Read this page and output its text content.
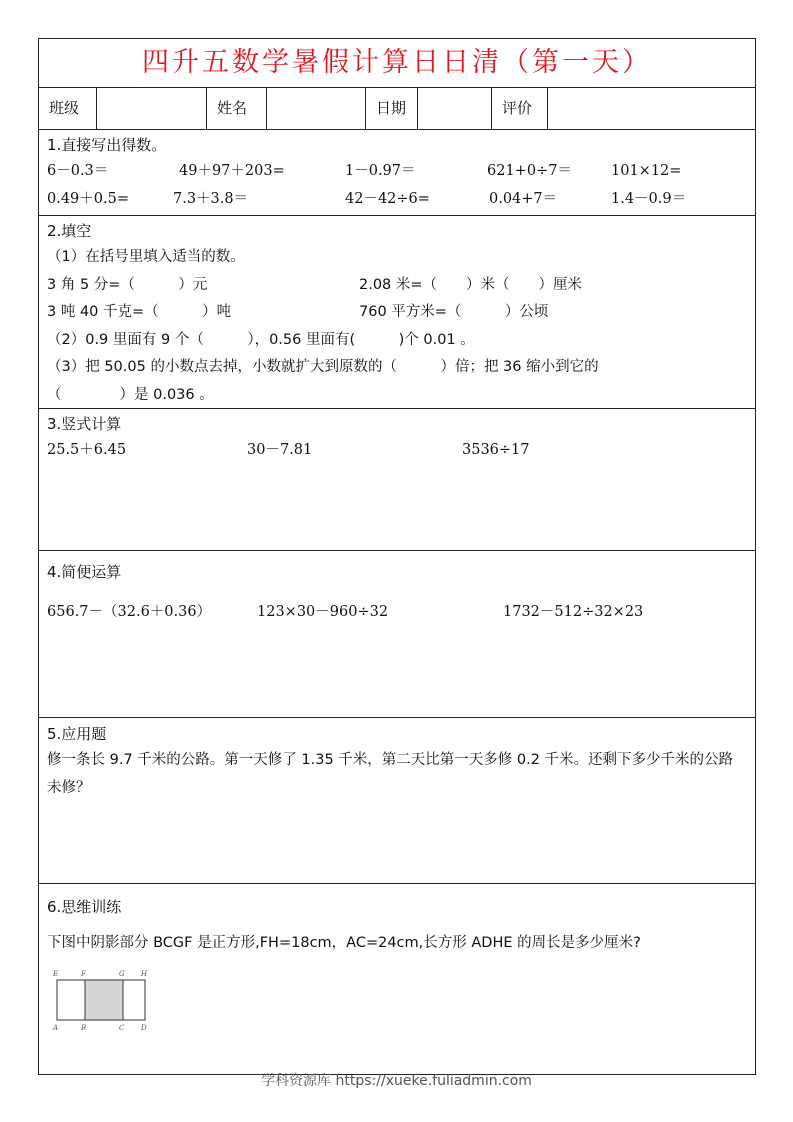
四升五数学暑假计算日日清（第一天）
班级	姓名	日期	评价
1.直接写出得数。
6－0.3＝	49＋97＋203=	1－0.97＝	621+0÷7＝	101×12=
0.49＋0.5=	7.3＋3.8＝	42－42÷6=	0.04+7＝	1.4－0.9＝
2.填空
（1）在括号里填入适当的数。
3 角 5 分=（　　　）元	2.08 米=（　　）米（　　）厘米
3 吨 40 千克=（　　　）吨	760 平方米=（　　　）公顷
（2）0.9 里面有 9 个（　　　），0.56 里面有(　　　)个 0.01 。
（3）把 50.05 的小数点去掉，小数就扩大到原数的（　　　）倍；把 36 缩小到它的
（　　　　）是 0.036 。
3.竖式计算
25.5＋6.45	30－7.81	3536÷17
4.简便运算
656.7－（32.6＋0.36）	123×30－960÷32	1732－512÷32×23
5.应用题
修一条长 9.7 千米的公路。第一天修了 1.35 千米，第二天比第一天多修 0.2 千米。还剩下多少千米的公路未修？
6.思维训练
下图中阴影部分 BCGF 是正方形,FH=18cm，AC=24cm,长方形 ADHE 的周长是多少厘米?
E	F	G H
A	B	C D
学科资源库 https://xueke.fuliadmin.com
